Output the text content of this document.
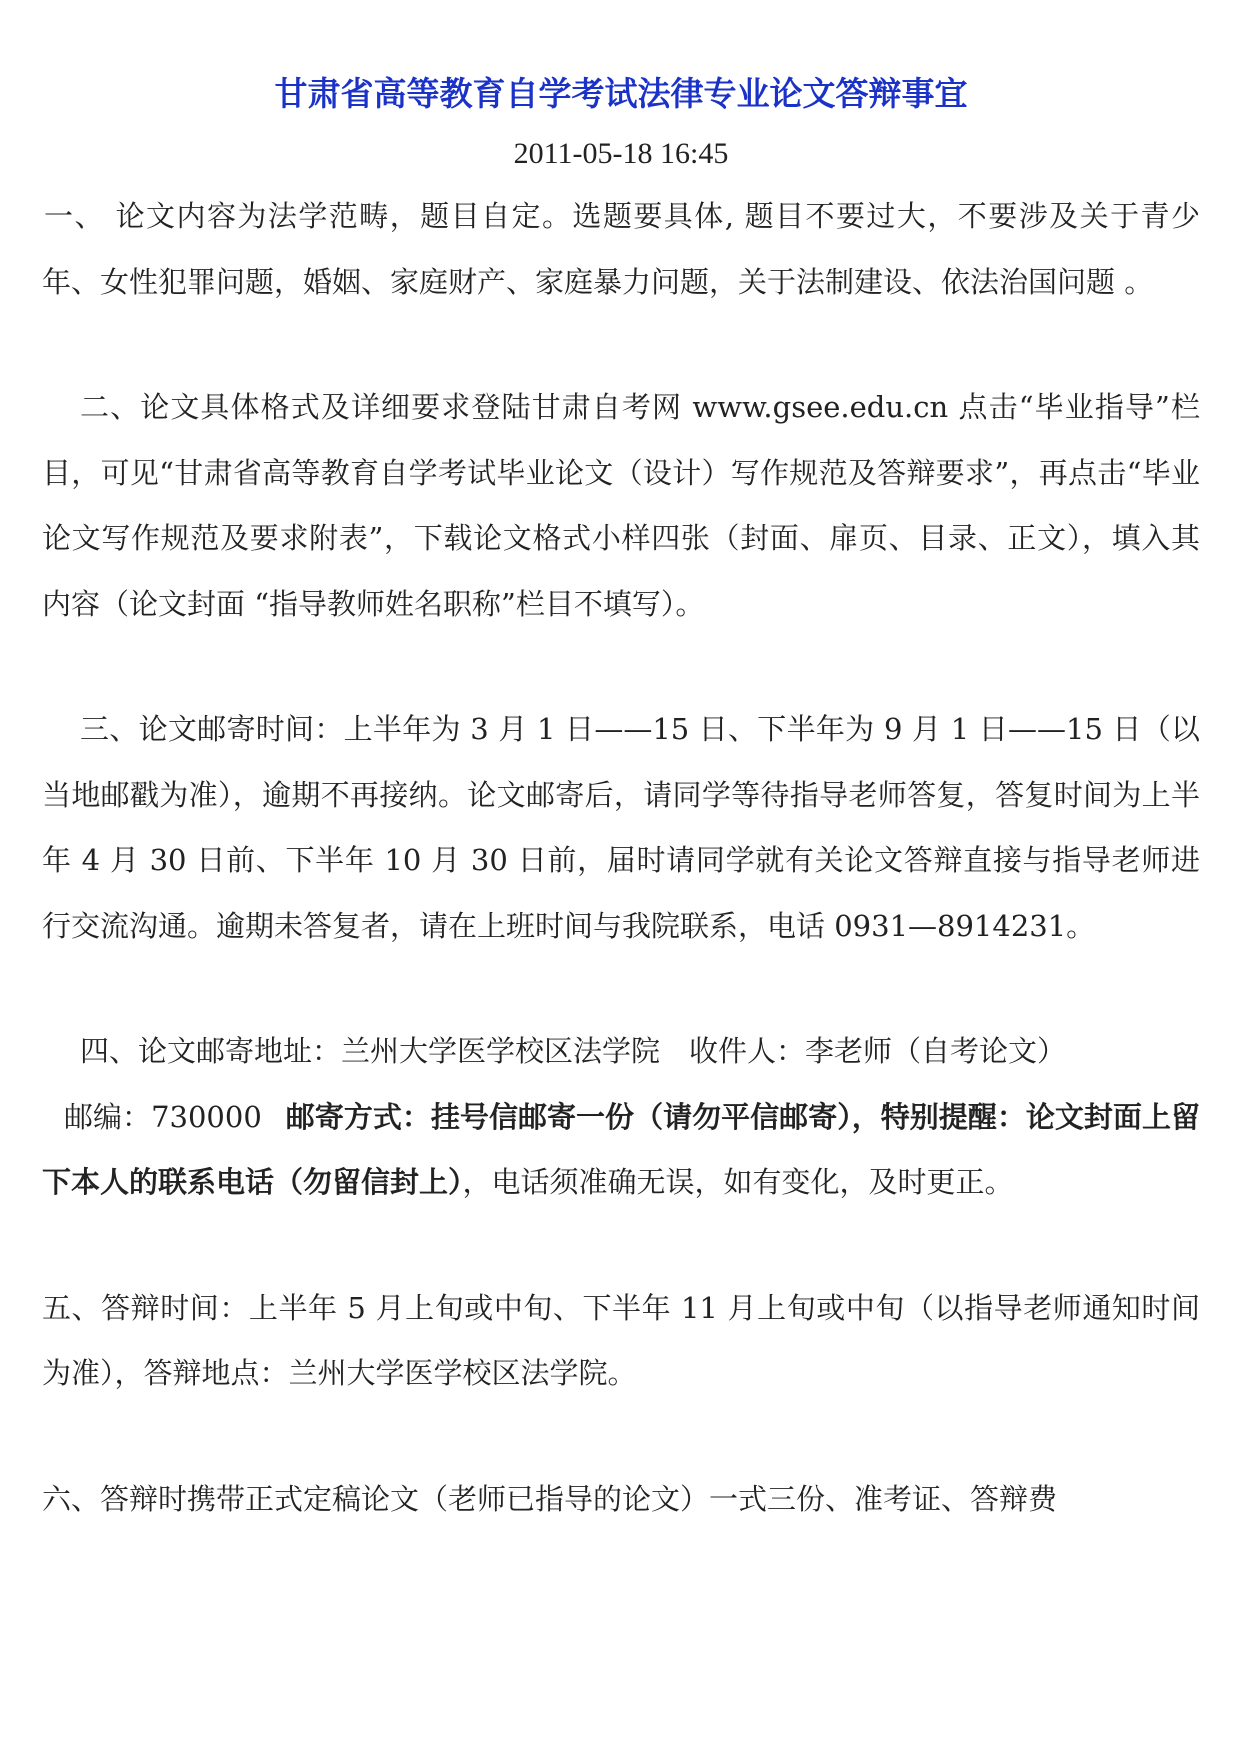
甘肃省高等教育自学考试法律专业论文答辩事宜

2011-05-18 16:45

一、 论文内容为法学范畴，题目自定。选题要具体, 题目不要过大，不要涉及关于青少年、女性犯罪问题，婚姻、家庭财产、家庭暴力问题，关于法制建设、依法治国问题 。

二、论文具体格式及详细要求登陆甘肃自考网 www.gsee.edu.cn 点击“毕业指导”栏目，可见“甘肃省高等教育自学考试毕业论文（设计）写作规范及答辩要求”，再点击“毕业论文写作规范及要求附表”，下载论文格式小样四张（封面、扉页、目录、正文），填入其内容（论文封面 “指导教师姓名职称”栏目不填写）。

三、论文邮寄时间：上半年为 3 月 1 日——15 日、下半年为 9 月 1 日——15 日（以当地邮戳为准），逾期不再接纳。论文邮寄后，请同学等待指导老师答复，答复时间为上半年 4 月 30 日前、下半年 10 月 30 日前，届时请同学就有关论文答辩直接与指导老师进行交流沟通。逾期未答复者，请在上班时间与我院联系，电话 0931—8914231。

四、论文邮寄地址：兰州大学医学校区法学院　收件人：李老师（自考论文）
邮编：730000 邮寄方式：挂号信邮寄一份（请勿平信邮寄），特别提醒：论文封面上留下本人的联系电话（勿留信封上），电话须准确无误，如有变化，及时更正。

五、答辩时间：上半年 5 月上旬或中旬、下半年 11 月上旬或中旬（以指导老师通知时间为准），答辩地点：兰州大学医学校区法学院。

六、答辩时携带正式定稿论文（老师已指导的论文）一式三份、准考证、答辩费
